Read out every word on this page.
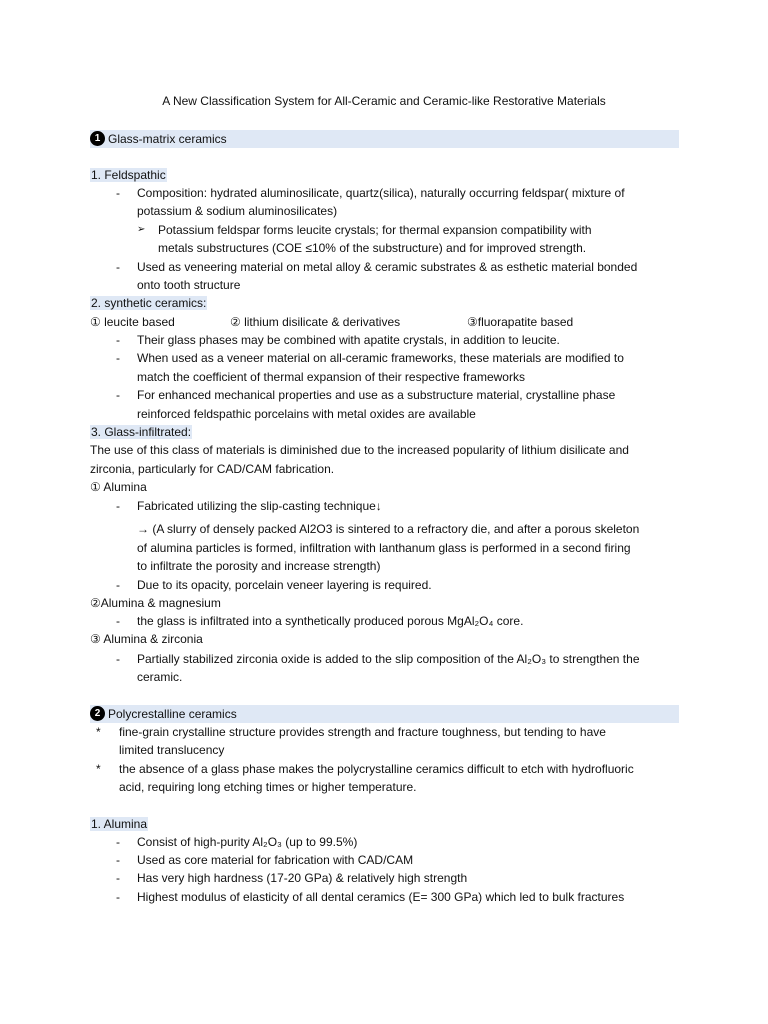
A New Classification System for All-Ceramic and Ceramic-like Restorative Materials
1 Glass-matrix ceramics
1. Feldspathic
- Composition: hydrated aluminosilicate, quartz(silica), naturally occurring feldspar( mixture of
potassium & sodium aluminosilicates)
➢ Potassium feldspar forms leucite crystals; for thermal expansion compatibility with
metals substructures (COE ≤10% of the substructure) and for improved strength.
- Used as veneering material on metal alloy & ceramic substrates & as esthetic material bonded
onto tooth structure
2. synthetic ceramics:
① leucite based	② lithium disilicate & derivatives	③fluorapatite based
- Their glass phases may be combined with apatite crystals, in addition to leucite.
- When used as a veneer material on all-ceramic frameworks, these materials are modified to
match the coefficient of thermal expansion of their respective frameworks
- For enhanced mechanical properties and use as a substructure material, crystalline phase
reinforced feldspathic porcelains with metal oxides are available
3. Glass-infiltrated:
The use of this class of materials is diminished due to the increased popularity of lithium disilicate and
zirconia, particularly for CAD/CAM fabrication.
① Alumina
- Fabricated utilizing the slip-casting technique↓
→ (A slurry of densely packed Al2O3 is sintered to a refractory die, and after a porous skeleton
of alumina particles is formed, infiltration with lanthanum glass is performed in a second firing
to infiltrate the porosity and increase strength)
- Due to its opacity, porcelain veneer layering is required.
②Alumina & magnesium
- the glass is infiltrated into a synthetically produced porous MgAl₂O₄ core.
③ Alumina & zirconia
- Partially stabilized zirconia oxide is added to the slip composition of the Al₂O₃ to strengthen the
ceramic.
2 Polycrestalline ceramics
* fine-grain crystalline structure provides strength and fracture toughness, but tending to have
limited translucency
* the absence of a glass phase makes the polycrystalline ceramics difficult to etch with hydrofluoric
acid, requiring long etching times or higher temperature.
1. Alumina
- Consist of high-purity Al₂O₃ (up to 99.5%)
- Used as core material for fabrication with CAD/CAM
- Has very high hardness (17-20 GPa) & relatively high strength
- Highest modulus of elasticity of all dental ceramics (E= 300 GPa) which led to bulk fractures
